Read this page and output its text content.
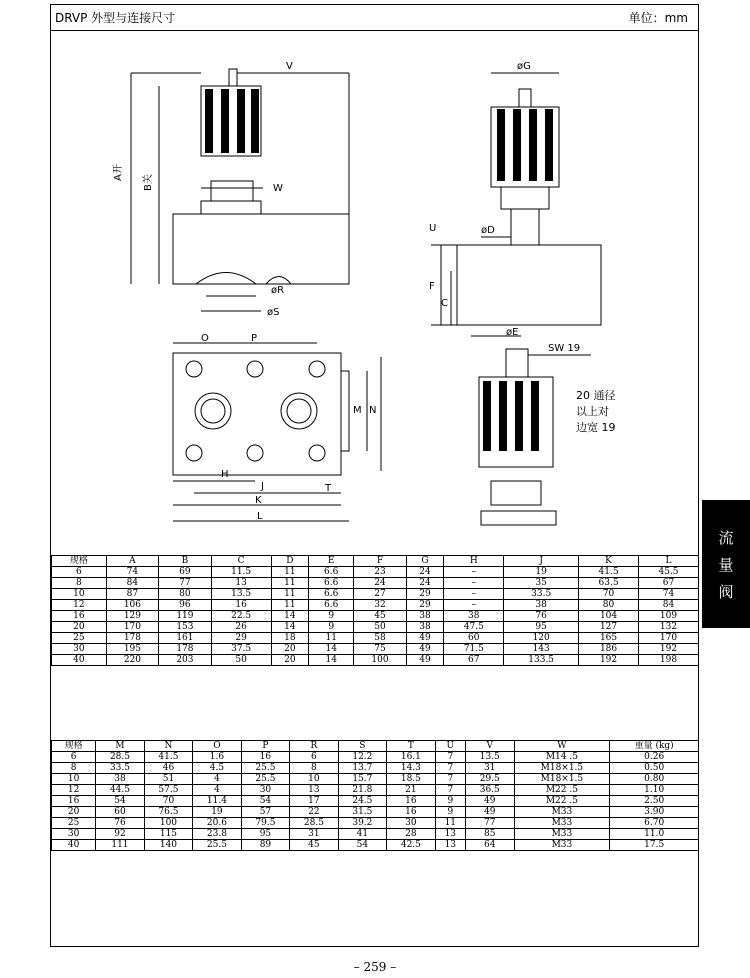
DRVP 外型与连接尺寸	单位：mm
V
A开
B关	W
øR
øS
øG
U	øD
F
C
øE
SW 19
O	P
M N
H
J	T
K
L
20 通径
以上对
边宽 19
规格	A	B	C	D	E	F	G	H	J	K	L
6	74	69	11.5	11	6.6	23	24	–	19	41.5	45.5
8	84	77	13	11	6.6	24	24	–	35	63.5	67
10	87	80	13.5	11	6.6	27	29	–	33.5	70	74
12	106	96	16	11	6.6	32	29	–	38	80	84
16	129	119	22.5	14	9	45	38	38	76	104	109
20	170	153	26	14	9	50	38	47.5	95	127	132
25	178	161	29	18	11	58	49	60	120	165	170
30	195	178	37.5	20	14	75	49	71.5	143	186	192
40	220	203	50	20	14	100	49	67	133.5	192	198
规格	M	N	O	P	R	S	T	U	V	W	重量 (kg)
6	28.5	41.5	1.6	16	6	12.2	16.1	7	13.5	M14 .5	0.26
8	33.5	46	4.5	25.5	8	13.7	14.3	7	31	M18×1.5	0.50
10	38	51	4	25.5	10	15.7	18.5	7	29.5	M18×1.5	0.80
12	44.5	57.5	4	30	13	21.8	21	7	36.5	M22 .5	1.10
16	54	70	11.4	54	17	24.5	16	9	49	M22 .5	2.50
20	60	76.5	19	57	22	31.5	16	9	49	M33	3.90
25	76	100	20.6	79.5	28.5	39.2	30	11	77	M33	6.70
30	92	115	23.8	95	31	41	28	13	85	M33	11.0
40	111	140	25.5	89	45	54	42.5	13	64	M33	17.5
流
量
阀
– 259 –
